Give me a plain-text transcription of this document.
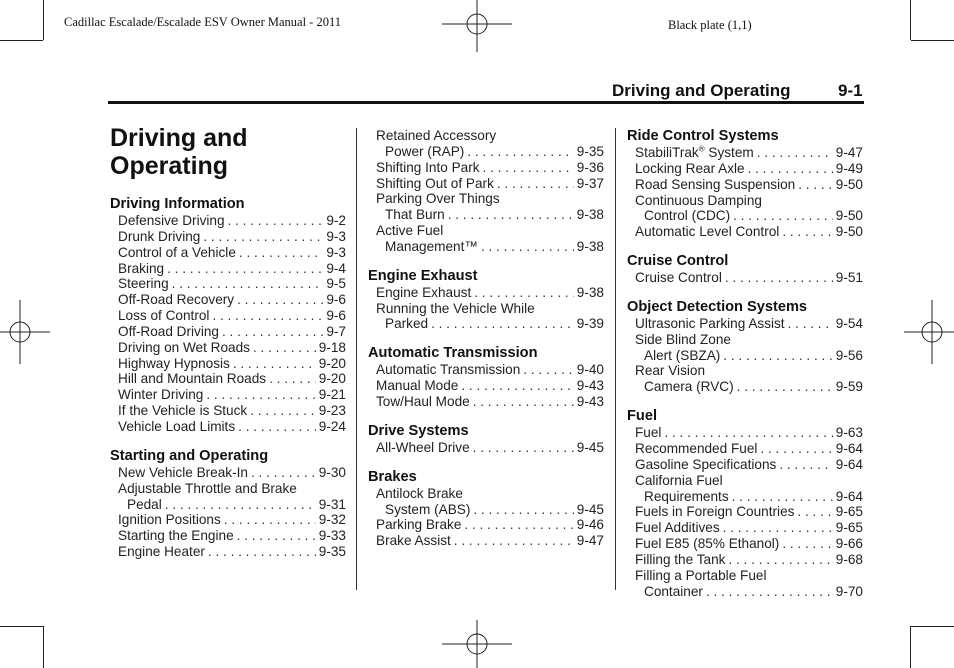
Cadillac Escalade/Escalade ESV Owner Manual - 2011	Black plate (1,1)
Driving and Operating	9-1
Driving and
Operating
Driving Information
Defensive Driving . . .	9-2
Drunk Driving . . .	9-3
Control of a Vehicle . . .	9-3
Braking . . .	9-4
Steering . . .	9-5
Off-Road Recovery . . .	9-6
Loss of Control . . .	9-6
Off-Road Driving . . .	9-7
Driving on Wet Roads . . .	9-18
Highway Hypnosis . . .	9-20
Hill and Mountain Roads . . .	9-20
Winter Driving . . .	9-21
If the Vehicle is Stuck . . .	9-23
Vehicle Load Limits . . .	9-24
Starting and Operating
New Vehicle Break-In . . .	9-30
Adjustable Throttle and Brake
Pedal . . .	9-31
Ignition Positions . . .	9-32
Starting the Engine . . .	9-33
Engine Heater . . .	9-35
Retained Accessory
Power (RAP) . . .	9-35
Shifting Into Park . . .	9-36
Shifting Out of Park . . .	9-37
Parking Over Things
That Burn . . .	9-38
Active Fuel
Management™ . . .	9-38
Engine Exhaust
Engine Exhaust . . .	9-38
Running the Vehicle While
Parked . . .	9-39
Automatic Transmission
Automatic Transmission . . .	9-40
Manual Mode . . .	9-43
Tow/Haul Mode . . .	9-43
Drive Systems
All-Wheel Drive . . .	9-45
Brakes
Antilock Brake
System (ABS) . . .	9-45
Parking Brake . . .	9-46
Brake Assist . . .	9-47
Ride Control Systems
StabiliTrak® System . . .	9-47
Locking Rear Axle . . .	9-49
Road Sensing Suspension . . .	9-50
Continuous Damping
Control (CDC) . . .	9-50
Automatic Level Control . . .	9-50
Cruise Control
Cruise Control . . .	9-51
Object Detection Systems
Ultrasonic Parking Assist . . .	9-54
Side Blind Zone
Alert (SBZA) . . .	9-56
Rear Vision
Camera (RVC) . . .	9-59
Fuel
Fuel . . .	9-63
Recommended Fuel . . .	9-64
Gasoline Specifications . . .	9-64
California Fuel
Requirements . . .	9-64
Fuels in Foreign Countries . . .	9-65
Fuel Additives . . .	9-65
Fuel E85 (85% Ethanol) . . .	9-66
Filling the Tank . . .	9-68
Filling a Portable Fuel
Container . . .	9-70
